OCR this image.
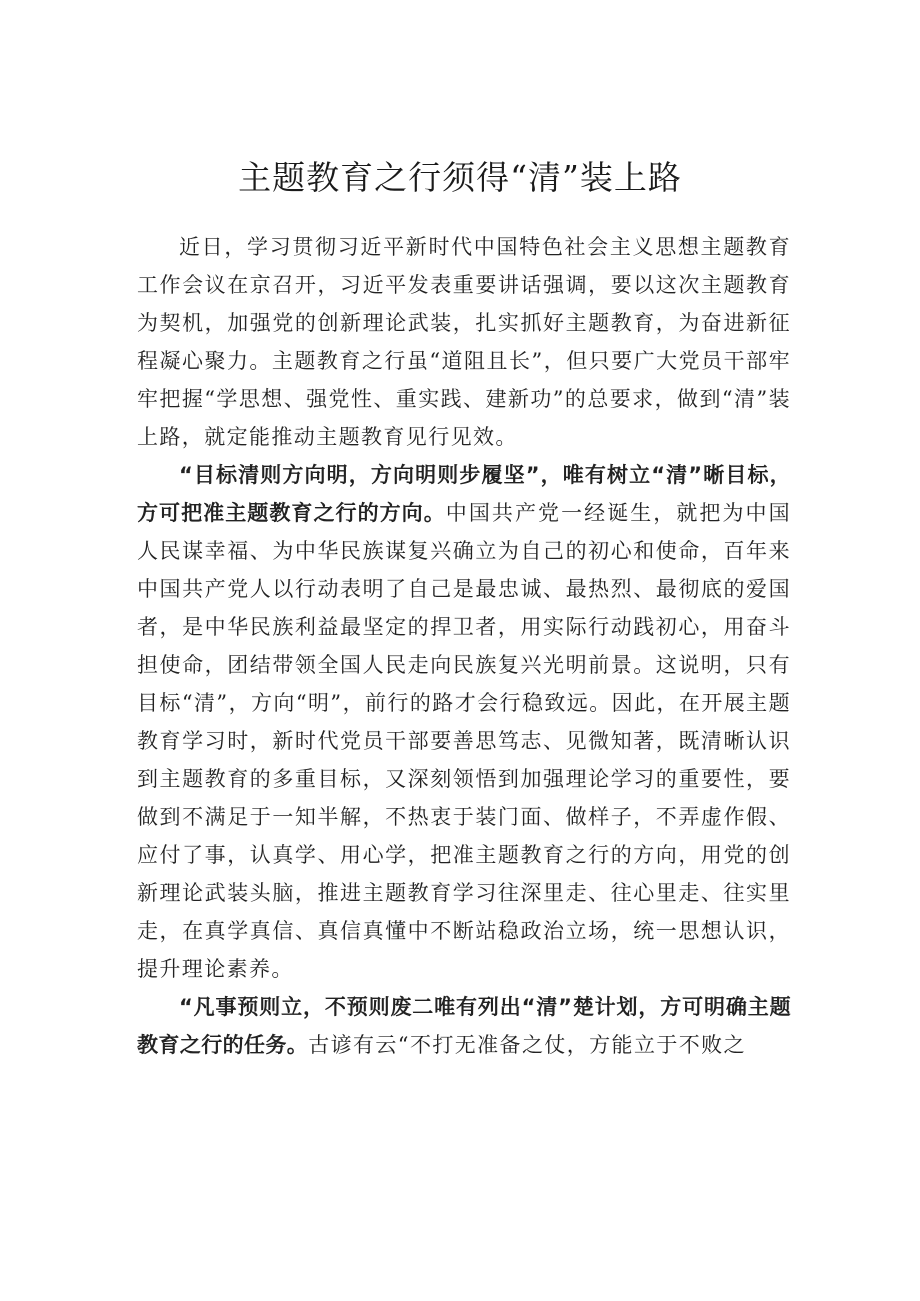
主题教育之行须得“清”装上路

近日，学习贯彻习近平新时代中国特色社会主义思想主题教育工作会议在京召开，习近平发表重要讲话强调，要以这次主题教育为契机，加强党的创新理论武装，扎实抓好主题教育，为奋进新征程凝心聚力。主题教育之行虽“道阻且长”，但只要广大党员干部牢牢把握“学思想、强党性、重实践、建新功”的总要求，做到“清”装上路，就定能推动主题教育见行见效。

“目标清则方向明，方向明则步履坚”，唯有树立“清”晰目标，方可把准主题教育之行的方向。中国共产党一经诞生，就把为中国人民谋幸福、为中华民族谋复兴确立为自己的初心和使命，百年来中国共产党人以行动表明了自己是最忠诚、最热烈、最彻底的爱国者，是中华民族利益最坚定的捍卫者，用实际行动践初心，用奋斗担使命，团结带领全国人民走向民族复兴光明前景。这说明，只有目标“清”，方向“明”，前行的路才会行稳致远。因此，在开展主题教育学习时，新时代党员干部要善思笃志、见微知著，既清晰认识到主题教育的多重目标，又深刻领悟到加强理论学习的重要性，要做到不满足于一知半解，不热衷于装门面、做样子，不弄虚作假、应付了事，认真学、用心学，把准主题教育之行的方向，用党的创新理论武装头脑，推进主题教育学习往深里走、往心里走、往实里走，在真学真信、真信真懂中不断站稳政治立场，统一思想认识，提升理论素养。

“凡事预则立，不预则废二唯有列出“清”楚计划，方可明确主题教育之行的任务。古谚有云“不打无准备之仗，方能立于不败之
